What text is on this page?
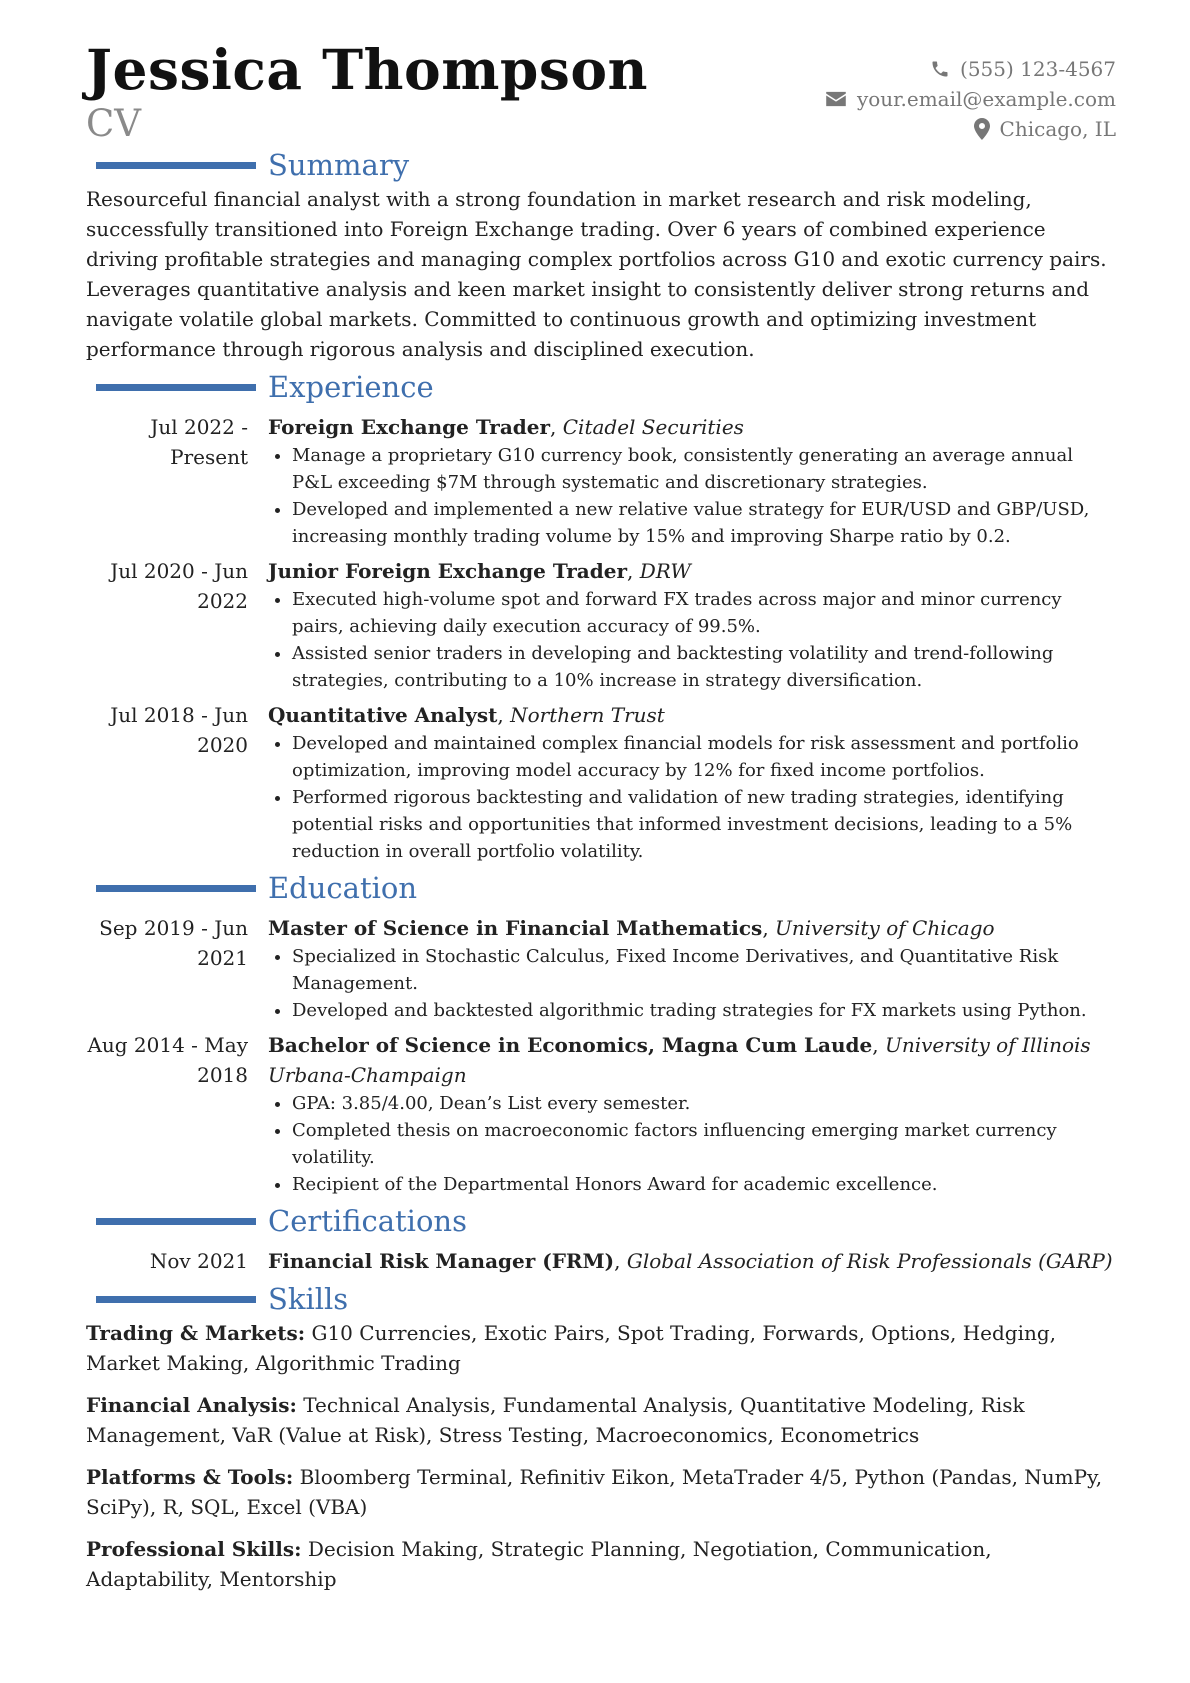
Jessica Thompson
CV
(555) 123-4567
your.email@example.com
Chicago, IL
Summary

Resourceful financial analyst with a strong foundation in market research and risk modeling, successfully transitioned into Foreign Exchange trading. Over 6 years of combined experience driving profitable strategies and managing complex portfolios across G10 and exotic currency pairs. Leverages quantitative analysis and keen market insight to consistently deliver strong returns and navigate volatile global markets. Committed to continuous growth and optimizing investment performance through rigorous analysis and disciplined execution.

Experience
Jul 2022 - Present
Foreign Exchange Trader, Citadel Securities
• Manage a proprietary G10 currency book, consistently generating an average annual P&L exceeding $7M through systematic and discretionary strategies.
• Developed and implemented a new relative value strategy for EUR/USD and GBP/USD, increasing monthly trading volume by 15% and improving Sharpe ratio by 0.2.
Jul 2020 - Jun 2022
Junior Foreign Exchange Trader, DRW
• Executed high-volume spot and forward FX trades across major and minor currency pairs, achieving daily execution accuracy of 99.5%.
• Assisted senior traders in developing and backtesting volatility and trend-following strategies, contributing to a 10% increase in strategy diversification.
Jul 2018 - Jun 2020
Quantitative Analyst, Northern Trust
• Developed and maintained complex financial models for risk assessment and portfolio optimization, improving model accuracy by 12% for fixed income portfolios.
• Performed rigorous backtesting and validation of new trading strategies, identifying potential risks and opportunities that informed investment decisions, leading to a 5% reduction in overall portfolio volatility.
Education
Sep 2019 - Jun 2021
Master of Science in Financial Mathematics, University of Chicago
• Specialized in Stochastic Calculus, Fixed Income Derivatives, and Quantitative Risk Management.
• Developed and backtested algorithmic trading strategies for FX markets using Python.
Aug 2014 - May 2018
Bachelor of Science in Economics, Magna Cum Laude, University of Illinois Urbana-Champaign
• GPA: 3.85/4.00, Dean’s List every semester.
• Completed thesis on macroeconomic factors influencing emerging market currency volatility.
• Recipient of the Departmental Honors Award for academic excellence.
Certifications
Nov 2021	Financial Risk Manager (FRM), Global Association of Risk Professionals (GARP)
Skills
Trading & Markets: G10 Currencies, Exotic Pairs, Spot Trading, Forwards, Options, Hedging, Market Making, Algorithmic Trading
Financial Analysis: Technical Analysis, Fundamental Analysis, Quantitative Modeling, Risk Management, VaR (Value at Risk), Stress Testing, Macroeconomics, Econometrics
Platforms & Tools: Bloomberg Terminal, Refinitiv Eikon, MetaTrader 4/5, Python (Pandas, NumPy, SciPy), R, SQL, Excel (VBA)
Professional Skills: Decision Making, Strategic Planning, Negotiation, Communication, Adaptability, Mentorship
